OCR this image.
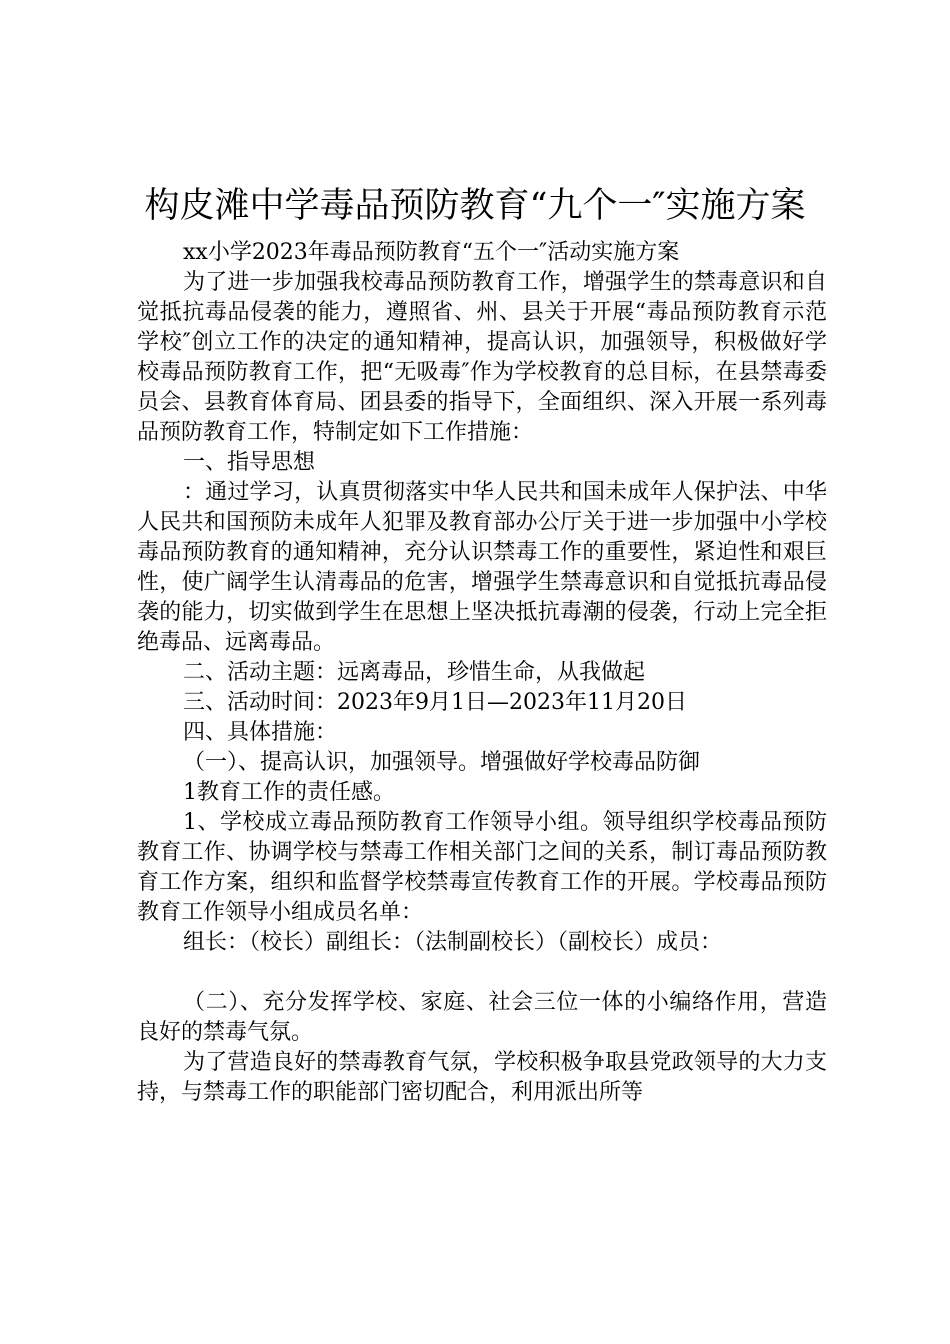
构皮滩中学毒品预防教育“九个一″实施方案

xx小学2023年毒品预防教育“五个一″活动实施方案

为了进一步加强我校毒品预防教育工作，增强学生的禁毒意识和自觉抵抗毒品侵袭的能力，遵照省、州、县关于开展“毒品预防教育示范学校″创立工作的决定的通知精神，提高认识，加强领导，积极做好学校毒品预防教育工作，把“无吸毒″作为学校教育的总目标，在县禁毒委员会、县教育体育局、团县委的指导下，全面组织、深入开展一系列毒品预防教育工作，特制定如下工作措施：

一、指导思想

：通过学习，认真贯彻落实中华人民共和国未成年人保护法、中华人民共和国预防未成年人犯罪及教育部办公厅关于进一步加强中小学校毒品预防教育的通知精神，充分认识禁毒工作的重要性，紧迫性和艰巨性，使广阔学生认清毒品的危害，增强学生禁毒意识和自觉抵抗毒品侵袭的能力，切实做到学生在思想上坚决抵抗毒潮的侵袭，行动上完全拒绝毒品、远离毒品。

二、活动主题：远离毒品，珍惜生命，从我做起

三、活动时间：2023年9月1日—2023年11月20日

四、具体措施：

（一）、提高认识，加强领导。增强做好学校毒品防御

1教育工作的责任感。

1、学校成立毒品预防教育工作领导小组。领导组织学校毒品预防教育工作、协调学校与禁毒工作相关部门之间的关系，制订毒品预防教育工作方案，组织和监督学校禁毒宣传教育工作的开展。学校毒品预防教育工作领导小组成员名单：

组长：（校长）副组长：（法制副校长）（副校长）成员：

（二）、充分发挥学校、家庭、社会三位一体的小编络作用，营造良好的禁毒气氛。

为了营造良好的禁毒教育气氛，学校积极争取县党政领导的大力支持，与禁毒工作的职能部门密切配合，利用派出所等
